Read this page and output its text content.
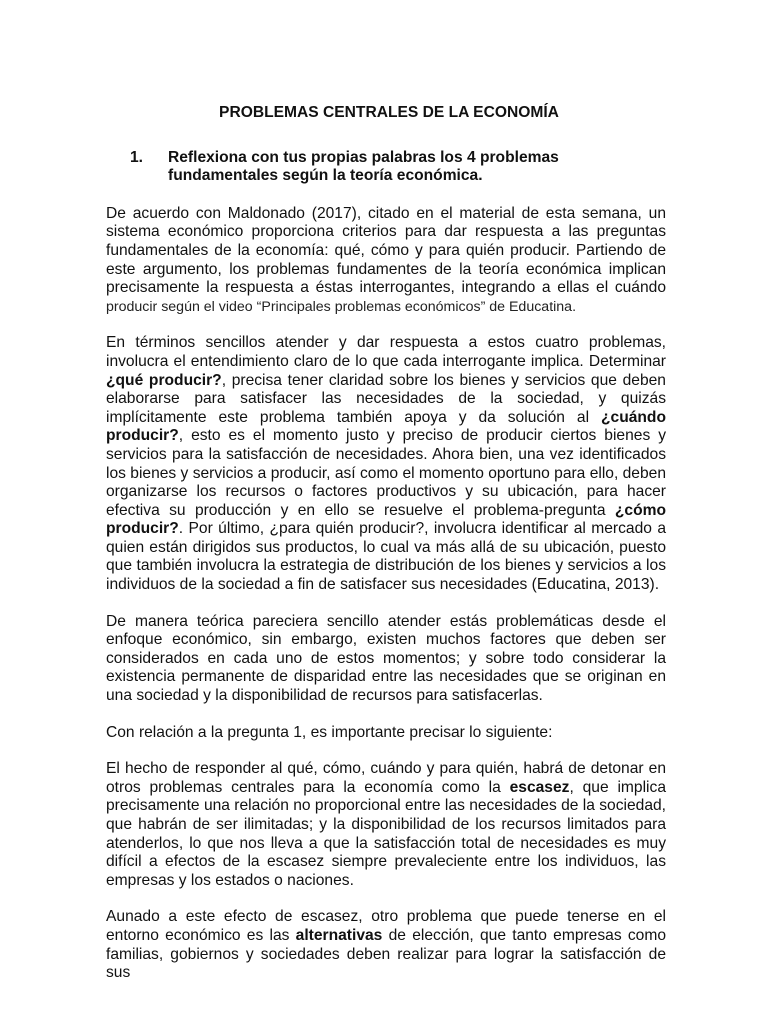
PROBLEMAS CENTRALES DE LA ECONOMÍA
1.	Reflexiona con tus propias palabras los 4 problemas fundamentales según la teoría económica.

De acuerdo con Maldonado (2017), citado en el material de esta semana, un sistema económico proporciona criterios para dar respuesta a las preguntas fundamentales de la economía: qué, cómo y para quién producir. Partiendo de este argumento, los problemas fundamentes de la teoría económica implican precisamente la respuesta a éstas interrogantes, integrando a ellas el cuándo producir según el video “Principales problemas económicos” de Educatina.

En términos sencillos atender y dar respuesta a estos cuatro problemas, involucra el entendimiento claro de lo que cada interrogante implica. Determinar ¿qué producir?, precisa tener claridad sobre los bienes y servicios que deben elaborarse para satisfacer las necesidades de la sociedad, y quizás implícitamente este problema también apoya y da solución al ¿cuándo producir?, esto es el momento justo y preciso de producir ciertos bienes y servicios para la satisfacción de necesidades. Ahora bien, una vez identificados los bienes y servicios a producir, así como el momento oportuno para ello, deben organizarse los recursos o factores productivos y su ubicación, para hacer efectiva su producción y en ello se resuelve el problema-pregunta ¿cómo producir?. Por último, ¿para quién producir?, involucra identificar al mercado a quien están dirigidos sus productos, lo cual va más allá de su ubicación, puesto que también involucra la estrategia de distribución de los bienes y servicios a los individuos de la sociedad a fin de satisfacer sus necesidades (Educatina, 2013).

De manera teórica pareciera sencillo atender estás problemáticas desde el enfoque económico, sin embargo, existen muchos factores que deben ser considerados en cada uno de estos momentos; y sobre todo considerar la existencia permanente de disparidad entre las necesidades que se originan en una sociedad y la disponibilidad de recursos para satisfacerlas.

Con relación a la pregunta 1, es importante precisar lo siguiente:

El hecho de responder al qué, cómo, cuándo y para quién, habrá de detonar en otros problemas centrales para la economía como la escasez, que implica precisamente una relación no proporcional entre las necesidades de la sociedad, que habrán de ser ilimitadas; y la disponibilidad de los recursos limitados para atenderlos, lo que nos lleva a que la satisfacción total de necesidades es muy difícil a efectos de la escasez siempre prevaleciente entre los individuos, las empresas y los estados o naciones.

Aunado a este efecto de escasez, otro problema que puede tenerse en el entorno económico es las alternativas de elección, que tanto empresas como familias, gobiernos y sociedades deben realizar para lograr la satisfacción de sus
